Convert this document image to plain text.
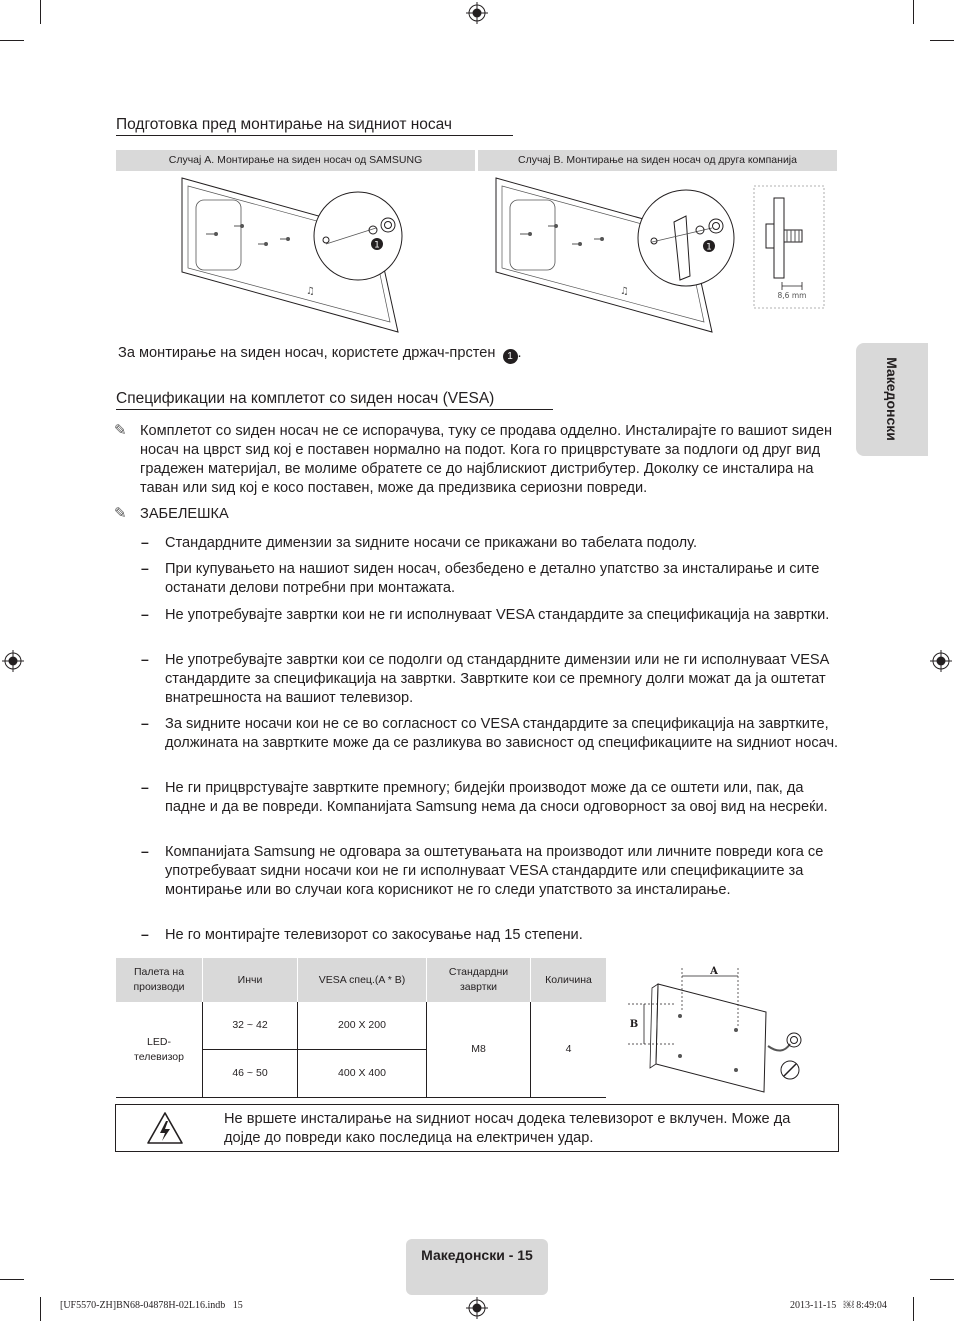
Подготовка пред монтирање на ѕидниот носач
Случај А. Монтирање на ѕиден носач од SAMSUNG	Случај B. Монтирање на ѕиден носач од друга компанија
♫
1
♫
1
8,6 mm
За монтирање на ѕиден носач, користете држач-прстен 1 .
Спецификации на комплетот со ѕиден носач (VESA)
✎ Комплетот со ѕиден носач не се испорачува, туку се продава одделно. Инсталирајте го вашиот ѕиден носач на цврст ѕид кој е поставен нормално на подот. Кога го прицврстувате за подлоги од друг вид градежен материјал, ве молиме обратете се до најблискиот дистрибутер. Доколку се инсталира на таван или ѕид кој е косо поставен, може да предизвика сериозни повреди.
✎ ЗАБЕЛЕШКА
– Стандардните димензии за ѕидните носачи се прикажани во табелата подолу.
– При купувањето на нашиот ѕиден носач, обезбедено е детално упатство за инсталирање и сите останати делови потребни при монтажата.
– Не употребувајте завртки кои не ги исполнуваат VESA стандардите за спецификација на завртки.
– Не употребувајте завртки кои се подолги од стандардните димензии или не ги исполнуваат VESA стандардите за спецификација на завртки. Завртките кои се премногу долги можат да ја оштетат внатрешноста на вашиот телевизор.
– За ѕидните носачи кои не се во согласност со VESA стандардите за спецификација на завртките, должината на завртките може да се разликува во зависност од спецификациите на ѕидниот носач.
– Не ги прицврстувајте завртките премногу; бидејќи производот може да се оштети или, пак, да падне и да ве повреди. Компанијата Samsung нема да сноси одговорност за овој вид на несреќи.
– Компанијата Samsung не одговара за оштетувањата на производот или личните повреди кога се употребуваат ѕидни носачи кои не ги исполнуваат VESA стандардите или спецификациите за монтирање или во случаи кога корисникот не го следи упатството за инсталирање.
– Не го монтирајте телевизорот со закосување над 15 степени.
Палета на производи	Инчи	VESA спец.(A * B)	Стандардни завртки	Количина
LED-телевизор	32 ~ 42	200 X 200	M8	4
	46 ~ 50	400 X 400		
A
B
Не вршете инсталирање на ѕидниот носач додека телевизорот е вклучен. Може да дојде до повреди како последица на електричен удар.
Македонски
Македонски - 15
[UF5570-ZH]BN68-04878H-02L16.indb   15	2013-11-15   ￼ 8:49:04
